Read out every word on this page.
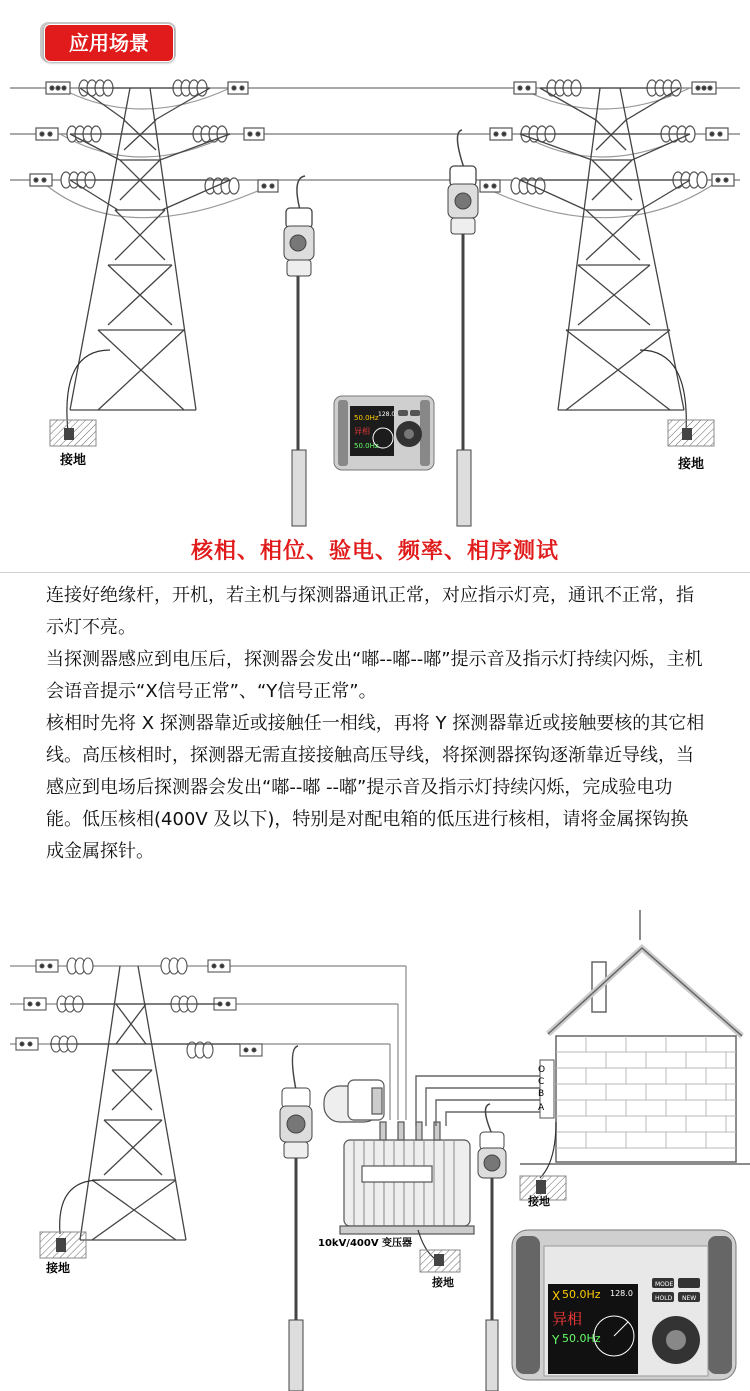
应用场景
接地	接地
50.0Hz
异相
50.0Hz
128.0
核相、相位、验电、频率、相序测试

连接好绝缘杆，开机，若主机与探测器通讯正常，对应指示灯亮，通讯不正常，指示灯不亮。

当探测器感应到电压后，探测器会发出“嘟--嘟--嘟”提示音及指示灯持续闪烁，主机会语音提示“X信号正常”、“Y信号正常”。

核相时先将 X 探测器靠近或接触任一相线，再将 Y 探测器靠近或接触要核的其它相线。高压核相时，探测器无需直接接触高压导线，将探测器探钩逐渐靠近导线，当感应到电场后探测器会发出“嘟--嘟 --嘟”提示音及指示灯持续闪烁，完成验电功能。低压核相(400V 及以下)，特别是对配电箱的低压进行核相，请将金属探钩换成金属探针。

接地
10kV/400V 变压器
接地
O
C
B
A
接地
X 50.0Hz
异相
Y 50.0Hz
128.0
MODE
HOLD NEW
